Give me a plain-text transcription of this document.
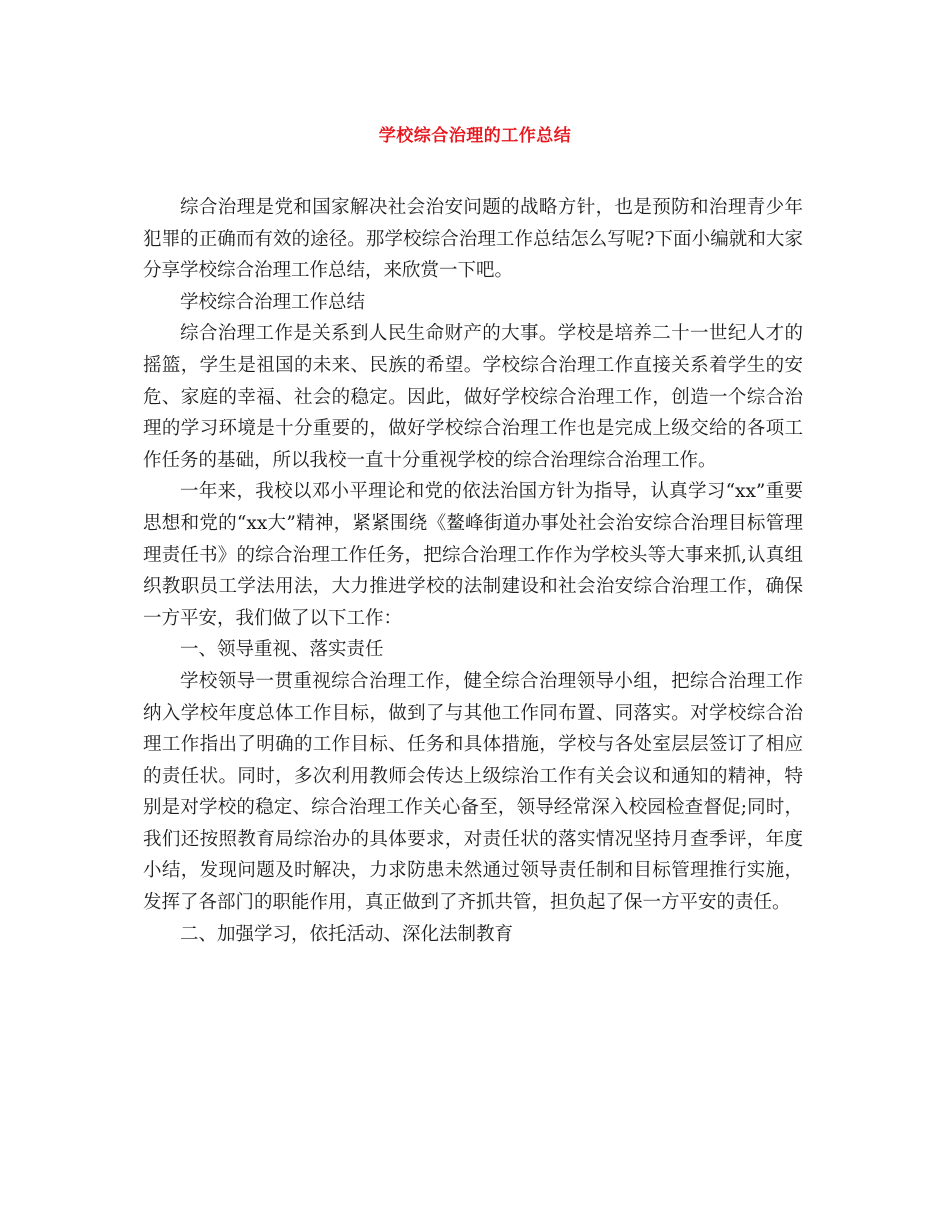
学校综合治理的工作总结

综合治理是党和国家解决社会治安问题的战略方针，也是预防和治理青少年犯罪的正确而有效的途径。那学校综合治理工作总结怎么写呢?下面小编就和大家分享学校综合治理工作总结，来欣赏一下吧。

学校综合治理工作总结

综合治理工作是关系到人民生命财产的大事。学校是培养二十一世纪人才的摇篮，学生是祖国的未来、民族的希望。学校综合治理工作直接关系着学生的安危、家庭的幸福、社会的稳定。因此，做好学校综合治理工作，创造一个综合治理的学习环境是十分重要的，做好学校综合治理工作也是完成上级交给的各项工作任务的基础，所以我校一直十分重视学校的综合治理综合治理工作。

一年来，我校以邓小平理论和党的依法治国方针为指导，认真学习“xx”重要思想和党的“xx大”精神，紧紧围绕《鳌峰街道办事处社会治安综合治理目标管理理责任书》的综合治理工作任务，把综合治理工作作为学校头等大事来抓,认真组织教职员工学法用法，大力推进学校的法制建设和社会治安综合治理工作，确保一方平安，我们做了以下工作：

一、领导重视、落实责任

学校领导一贯重视综合治理工作，健全综合治理领导小组，把综合治理工作纳入学校年度总体工作目标，做到了与其他工作同布置、同落实。对学校综合治理工作指出了明确的工作目标、任务和具体措施，学校与各处室层层签订了相应的责任状。同时，多次利用教师会传达上级综治工作有关会议和通知的精神，特别是对学校的稳定、综合治理工作关心备至，领导经常深入校园检查督促;同时，我们还按照教育局综治办的具体要求，对责任状的落实情况坚持月查季评，年度小结，发现问题及时解决，力求防患未然通过领导责任制和目标管理推行实施，发挥了各部门的职能作用，真正做到了齐抓共管，担负起了保一方平安的责任。

二、加强学习，依托活动、深化法制教育
